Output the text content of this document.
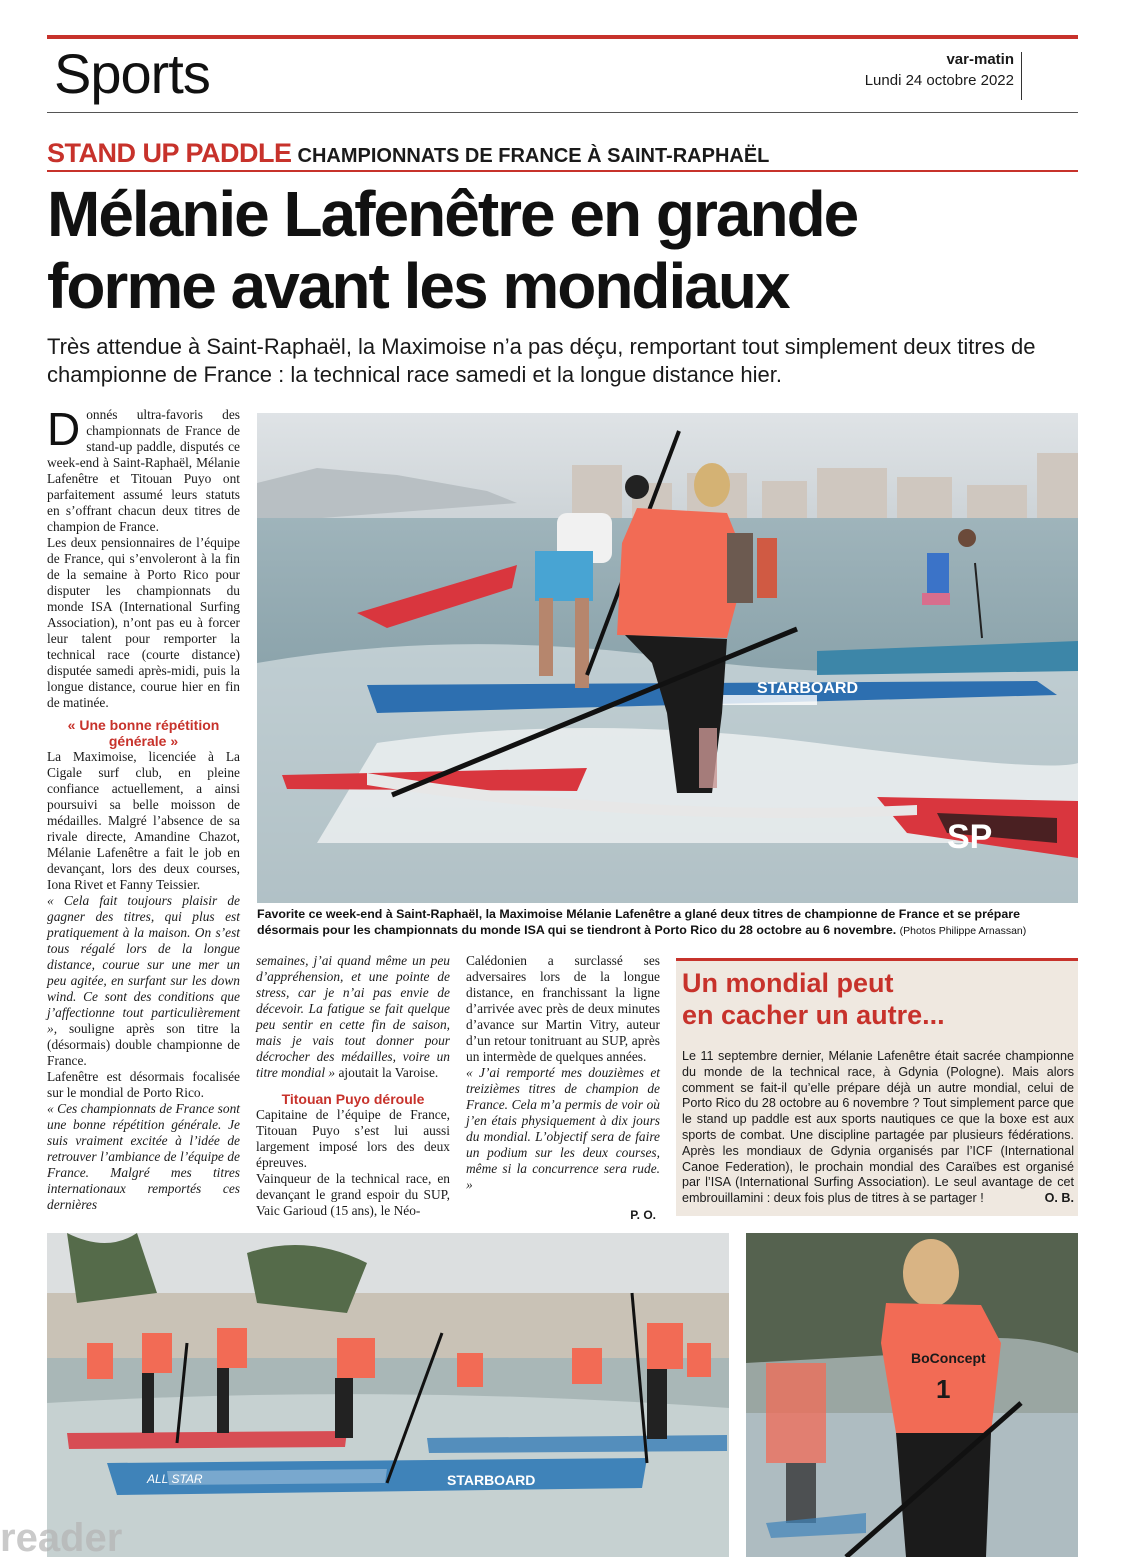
Sports	var-matin
Lundi 24 octobre 2022
STAND UP PADDLE CHAMPIONNATS DE FRANCE À SAINT-RAPHAËL
Mélanie Lafenêtre en grande
forme avant les mondiaux
Très attendue à Saint-Raphaël, la Maximoise n’a pas déçu, remportant tout simplement deux titres de championne de France : la technical race samedi et la longue distance hier.

Donnés ultra-favoris des championnats de France de stand-up paddle, disputés ce week-end à Saint-Raphaël, Mélanie Lafenêtre et Titouan Puyo ont parfaitement assumé leurs statuts en s’offrant chacun deux titres de champion de France.

Les deux pensionnaires de l’équipe de France, qui s’envoleront à la fin de la semaine à Porto Rico pour disputer les championnats du monde ISA (International Surfing Association), n’ont pas eu à forcer leur talent pour remporter la technical race (courte distance) disputée samedi après-midi, puis la longue distance, courue hier en fin de matinée.

« Une bonne répétition générale »

La Maximoise, licenciée à La Cigale surf club, en pleine confiance actuellement, a ainsi poursuivi sa belle moisson de médailles. Malgré l’absence de sa rivale directe, Amandine Chazot, Mélanie Lafenêtre a fait le job en devançant, lors des deux courses, Iona Rivet et Fanny Teissier.

« Cela fait toujours plaisir de gagner des titres, qui plus est pratiquement à la maison. On s’est tous régalé lors de la longue distance, courue sur une mer un peu agitée, en surfant sur les down wind. Ce sont des conditions que j’affectionne tout particulièrement », souligne après son titre la (désormais) double championne de France.

Lafenêtre est désormais focalisée sur le mondial de Porto Rico.

« Ces championnats de France sont une bonne répétition générale. Je suis vraiment excitée à l’idée de retrouver l’ambiance de l’équipe de France. Malgré mes titres internationaux remportés ces dernières

semaines, j’ai quand même un peu d’appréhension, et une pointe de stress, car je n’ai pas envie de décevoir. La fatigue se fait quelque peu sentir en cette fin de saison, mais je vais tout donner pour décrocher des médailles, voire un titre mondial » ajoutait la Varoise.

Titouan Puyo déroule

Capitaine de l’équipe de France, Titouan Puyo s’est lui aussi largement imposé lors des deux épreuves.

Vainqueur de la technical race, en devançant le grand espoir du SUP, Vaic Garioud (15 ans), le Néo-

Calédonien a surclassé ses adversaires lors de la longue distance, en franchissant la ligne d’arrivée avec près de deux minutes d’avance sur Martin Vitry, auteur d’un retour tonitruant au SUP, après un intermède de quelques années.

« J’ai remporté mes douzièmes et treizièmes titres de champion de France. Cela m’a permis de voir où j’en étais physiquement à dix jours du mondial. L’objectif sera de faire un podium sur les deux courses, même si la concurrence sera rude. »

P. O.
STARBOARD
SP
Favorite ce week-end à Saint-Raphaël, la Maximoise Mélanie Lafenêtre a glané deux titres de championne de France et se prépare désormais pour les championnats du monde ISA qui se tiendront à Porto Rico du 28 octobre au 6 novembre. (Photos Philippe Arnassan)
Un mondial peut
en cacher un autre...
Le 11 septembre dernier, Mélanie Lafenêtre était sacrée championne du monde de la technical race, à Gdynia (Pologne). Mais alors comment se fait-il qu’elle prépare déjà un autre mondial, celui de Porto Rico du 28 octobre au 6 novembre ? Tout simplement parce que le stand up paddle est aux sports nautiques ce que la boxe est aux sports de combat. Une discipline partagée par plusieurs fédérations. Après les mondiaux de Gdynia organisés par l’ICF (International Canoe Federation), le prochain mondial des Caraïbes est organisé par l’ISA (International Surfing Association). Le seul avantage de cet embrouillamini : deux fois plus de titres à se partager !	O. B.
STARBOARD
ALL STAR
BoConcept
1
reader
